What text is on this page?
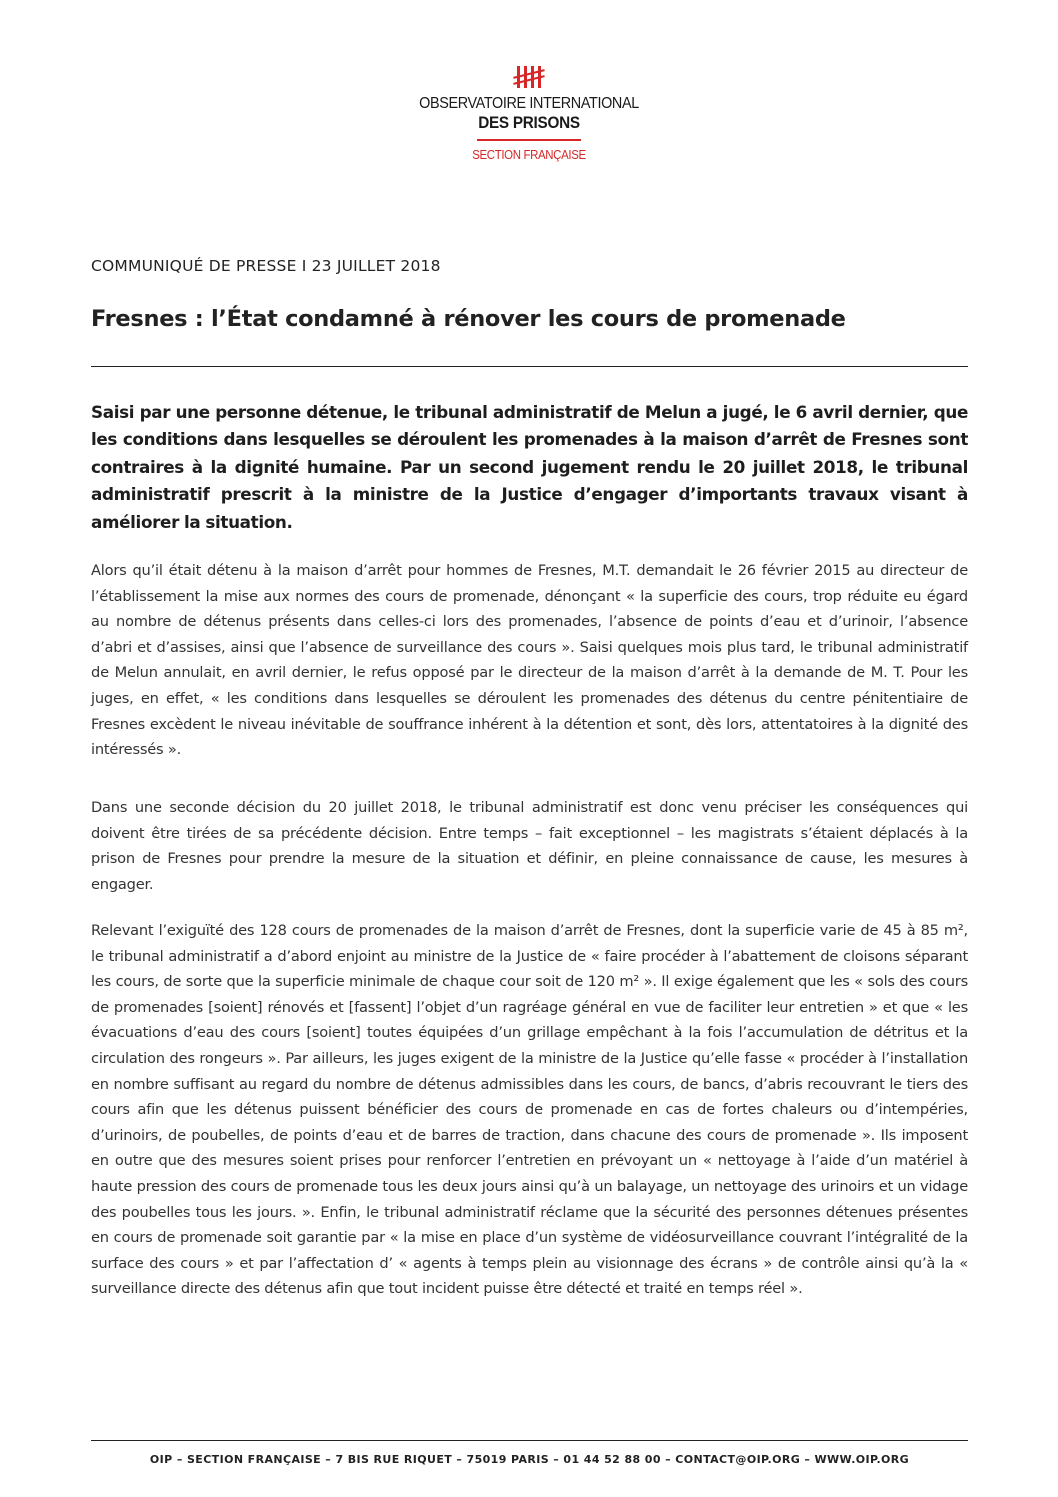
OBSERVATOIRE INTERNATIONAL
DES PRISONS
SECTION FRANÇAISE
COMMUNIQUÉ DE PRESSE I 23 JUILLET 2018
Fresnes : l’État condamné à rénover les cours de promenade

Saisi par une personne détenue, le tribunal administratif de Melun a jugé, le 6 avril dernier, que les conditions dans lesquelles se déroulent les promenades à la maison d’arrêt de Fresnes sont contraires à la dignité humaine. Par un second jugement rendu le 20 juillet 2018, le tribunal administratif prescrit à la ministre de la Justice d’engager d’importants travaux visant à améliorer la situation.

Alors qu’il était détenu à la maison d’arrêt pour hommes de Fresnes, M.T. demandait le 26 février 2015 au directeur de l’établissement la mise aux normes des cours de promenade, dénonçant « la superficie des cours, trop réduite eu égard au nombre de détenus présents dans celles-ci lors des promenades, l’absence de points d’eau et d’urinoir, l’absence d’abri et d’assises, ainsi que l’absence de surveillance des cours ». Saisi quelques mois plus tard, le tribunal administratif de Melun annulait, en avril dernier, le refus opposé par le directeur de la maison d’arrêt à la demande de M. T. Pour les juges, en effet, « les conditions dans lesquelles se déroulent les promenades des détenus du centre pénitentiaire de Fresnes excèdent le niveau inévitable de souffrance inhérent à la détention et sont, dès lors, attentatoires à la dignité des intéressés ».

Dans une seconde décision du 20 juillet 2018, le tribunal administratif est donc venu préciser les conséquences qui doivent être tirées de sa précédente décision. Entre temps – fait exceptionnel – les magistrats s’étaient déplacés à la prison de Fresnes pour prendre la mesure de la situation et définir, en pleine connaissance de cause, les mesures à engager.

Relevant l’exiguïté des 128 cours de promenades de la maison d’arrêt de Fresnes, dont la superficie varie de 45 à 85 m², le tribunal administratif a d’abord enjoint au ministre de la Justice de « faire procéder à l’abattement de cloisons séparant les cours, de sorte que la superficie minimale de chaque cour soit de 120 m² ». Il exige également que les « sols des cours de promenades [soient] rénovés et [fassent] l’objet d’un ragréage général en vue de faciliter leur entretien » et que « les évacuations d’eau des cours [soient] toutes équipées d’un grillage empêchant à la fois l’accumulation de détritus et la circulation des rongeurs ». Par ailleurs, les juges exigent de la ministre de la Justice qu’elle fasse « procéder à l’installation en nombre suffisant au regard du nombre de détenus admissibles dans les cours, de bancs, d’abris recouvrant le tiers des cours afin que les détenus puissent bénéficier des cours de promenade en cas de fortes chaleurs ou d’intempéries, d’urinoirs, de poubelles, de points d’eau et de barres de traction, dans chacune des cours de promenade ». Ils imposent en outre que des mesures soient prises pour renforcer l’entretien en prévoyant un « nettoyage à l’aide d’un matériel à haute pression des cours de promenade tous les deux jours ainsi qu’à un balayage, un nettoyage des urinoirs et un vidage des poubelles tous les jours. ». Enfin, le tribunal administratif réclame que la sécurité des personnes détenues présentes en cours de promenade soit garantie par « la mise en place d’un système de vidéosurveillance couvrant l’intégralité de la surface des cours » et par l’affectation d’ « agents à temps plein au visionnage des écrans » de contrôle ainsi qu’à la « surveillance directe des détenus afin que tout incident puisse être détecté et traité en temps réel ».

OIP – SECTION FRANÇAISE – 7 BIS RUE RIQUET – 75019 PARIS – 01 44 52 88 00 – CONTACT@OIP.ORG – WWW.OIP.ORG
